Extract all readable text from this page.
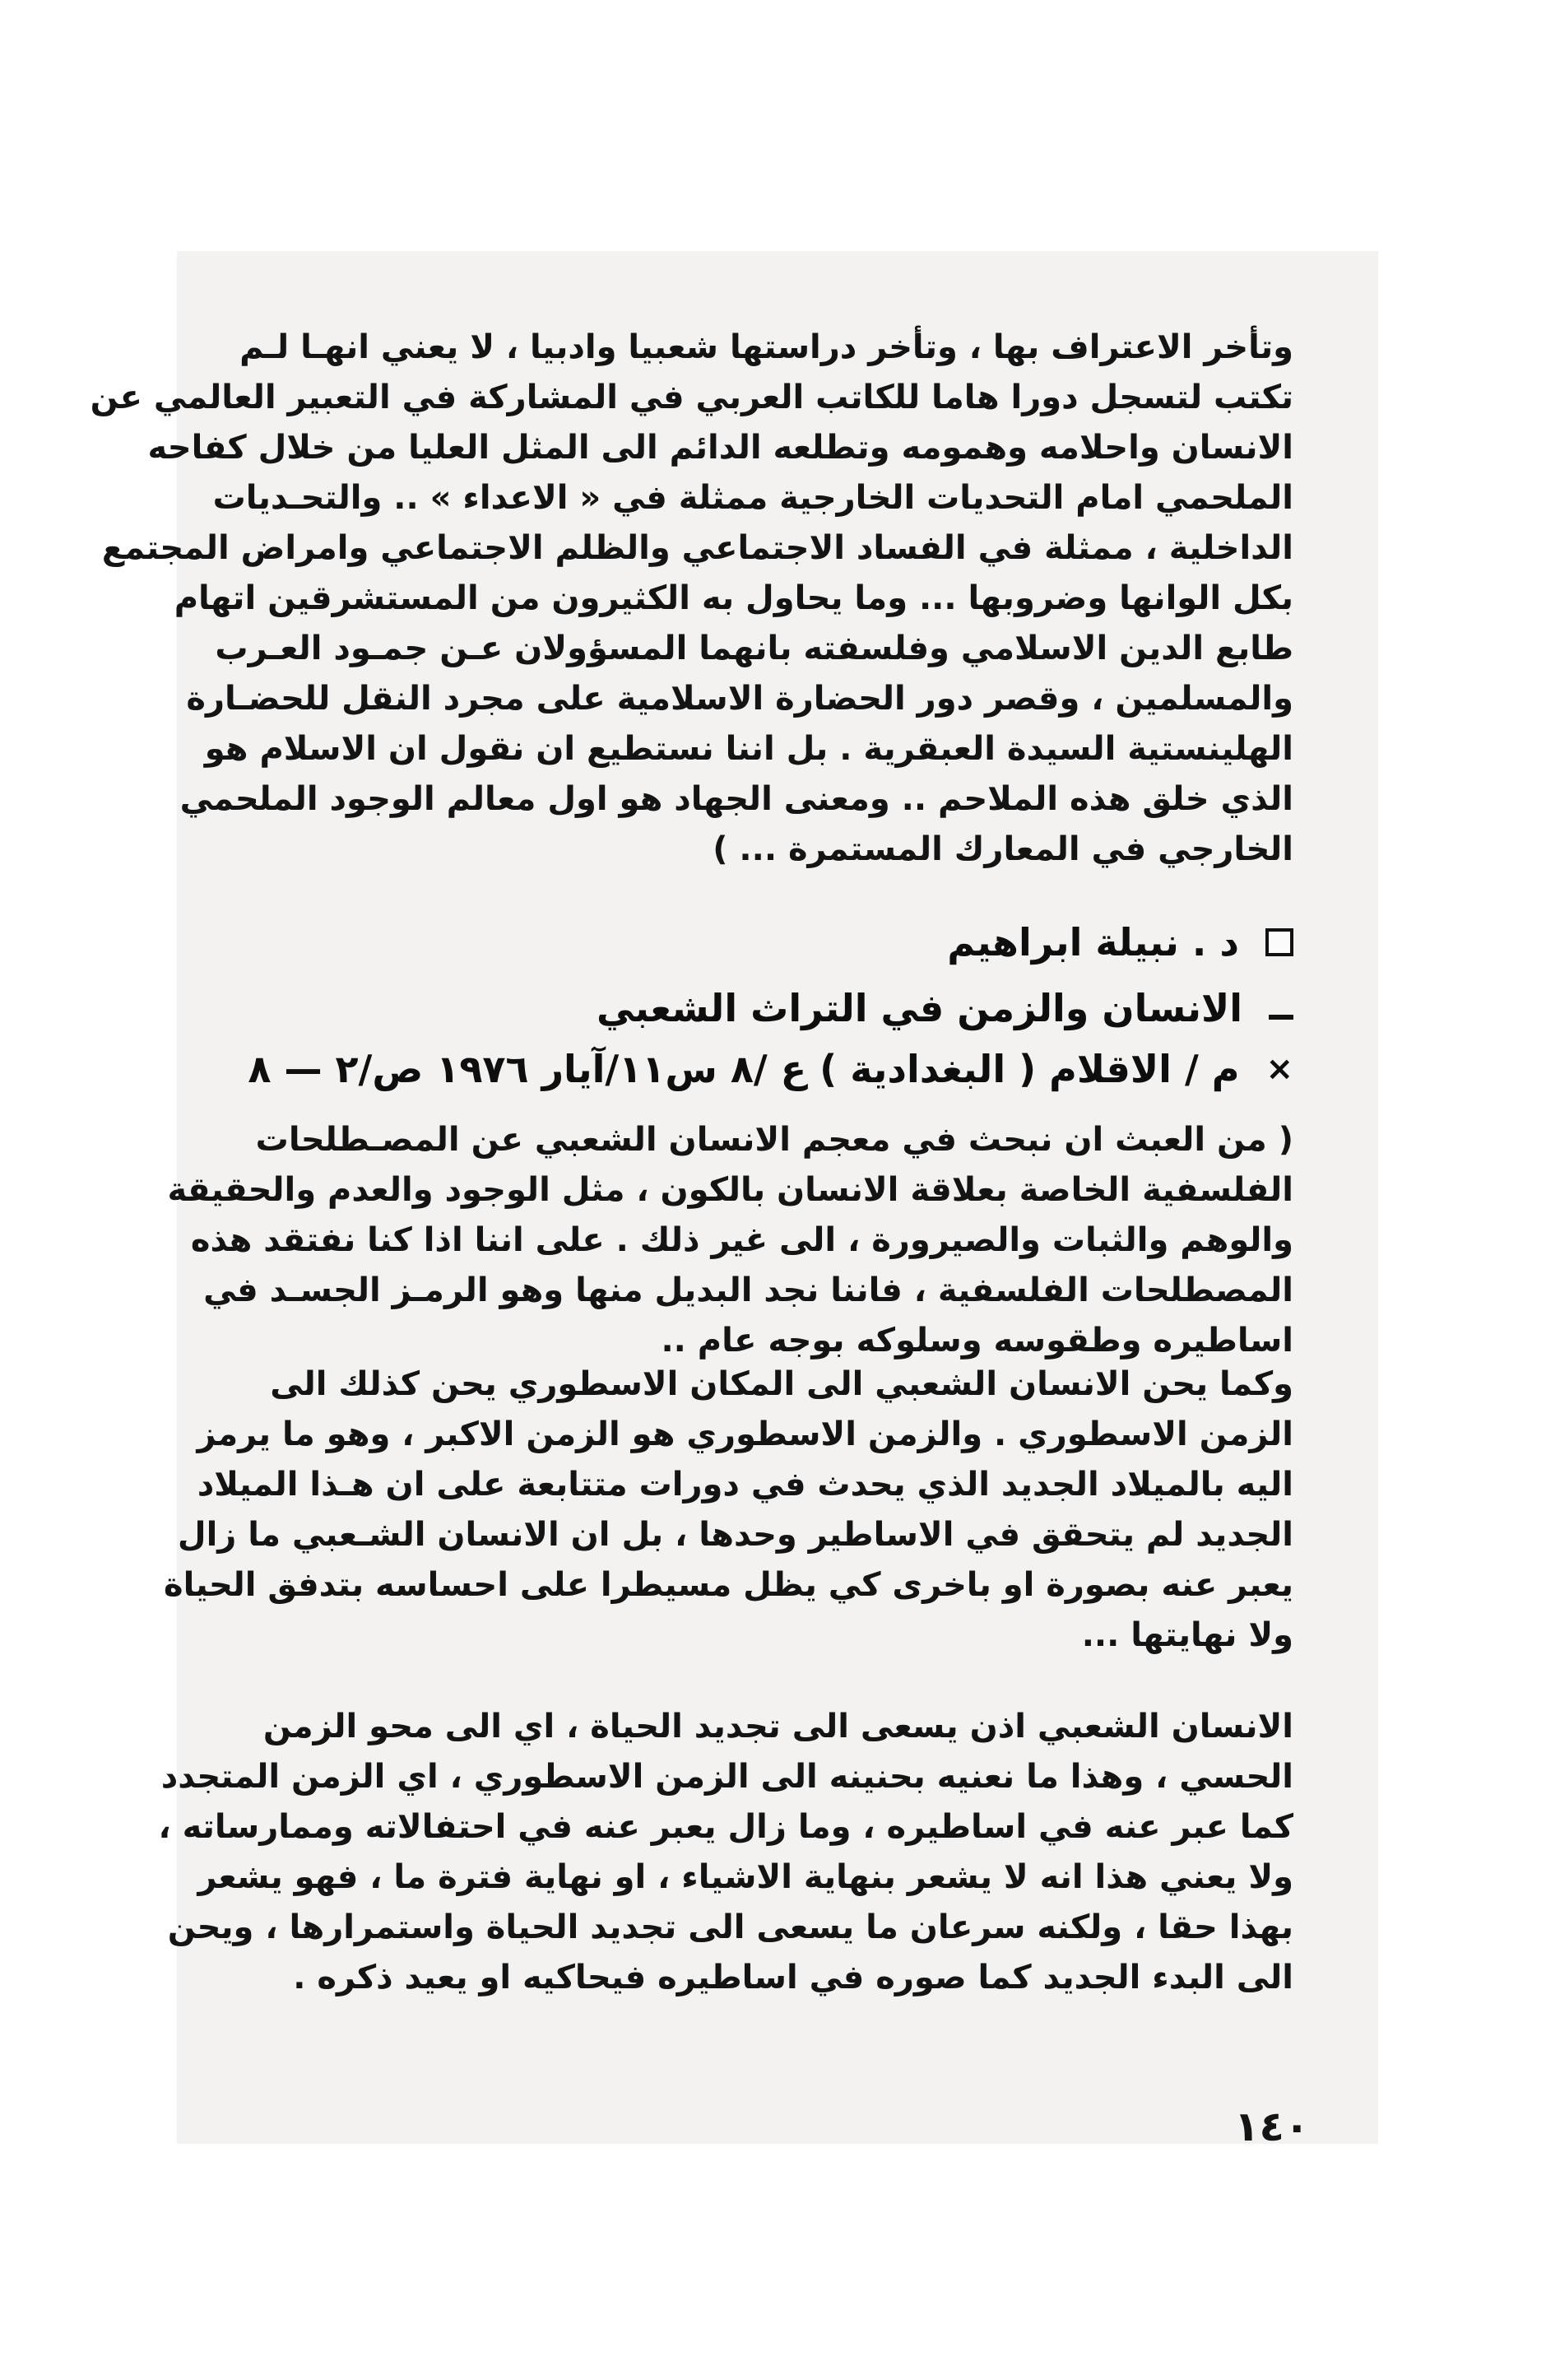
وتأخر الاعتراف بها ، وتأخر دراستها شعبيا وادبيا ، لا يعني انهـا لـم
تكتب لتسجل دورا هاما للكاتب العربي في المشاركة في التعبير العالمي عن
الانسان واحلامه وهمومه وتطلعه الدائم الى المثل العليا من خلال كفاحه
الملحمي امام التحديات الخارجية ممثلة في « الاعداء » .. والتحـديات
الداخلية ، ممثلة في الفساد الاجتماعي والظلم الاجتماعي وامراض المجتمع
بكل الوانها وضروبها ... وما يحاول به الكثيرون من المستشرقين اتهام
طابع الدين الاسلامي وفلسفته بانهما المسؤولان عـن جمـود العـرب
والمسلمين ، وقصر دور الحضارة الاسلامية على مجرد النقل للحضـارة
الهلينستية السيدة العبقرية . بل اننا نستطيع ان نقول ان الاسلام هو
الذي خلق هذه الملاحم .. ومعنى الجهاد هو اول معالم الوجود الملحمي
الخارجي في المعارك المستمرة ... )
د . نبيلة ابراهيم
الانسان والزمن في التراث الشعبي
×
م / الاقلام ( البغدادية ) ع /٨ س١١/آيار ١٩٧٦ ص/٢ — ٨
( من العبث ان نبحث في معجم الانسان الشعبي عن المصـطلحات
الفلسفية الخاصة بعلاقة الانسان بالكون ، مثل الوجود والعدم والحقيقة
والوهم والثبات والصيرورة ، الى غير ذلك . على اننا اذا كنا نفتقد هذه
المصطلحات الفلسفية ، فاننا نجد البديل منها وهو الرمـز الجسـد في
اساطيره وطقوسه وسلوكه بوجه عام ..
وكما يحن الانسان الشعبي الى المكان الاسطوري يحن كذلك الى
الزمن الاسطوري . والزمن الاسطوري هو الزمن الاكبر ، وهو ما يرمز
اليه بالميلاد الجديد الذي يحدث في دورات متتابعة على ان هـذا الميلاد
الجديد لم يتحقق في الاساطير وحدها ، بل ان الانسان الشـعبي ما زال
يعبر عنه بصورة او باخرى كي يظل مسيطرا على احساسه بتدفق الحياة
ولا نهايتها ...
الانسان الشعبي اذن يسعى الى تجديد الحياة ، اي الى محو الزمن
الحسي ، وهذا ما نعنيه بحنينه الى الزمن الاسطوري ، اي الزمن المتجدد
كما عبر عنه في اساطيره ، وما زال يعبر عنه في احتفالاته وممارساته ،
ولا يعني هذا انه لا يشعر بنهاية الاشياء ، او نهاية فترة ما ، فهو يشعر
بهذا حقا ، ولكنه سرعان ما يسعى الى تجديد الحياة واستمرارها ، ويحن
الى البدء الجديد كما صوره في اساطيره فيحاكيه او يعيد ذكره .
١٤٠
